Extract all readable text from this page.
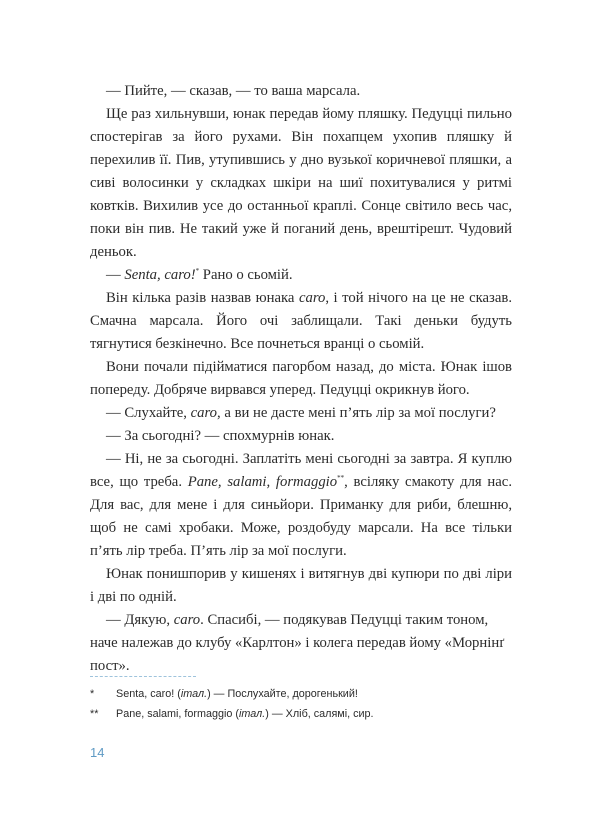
— Пийте, — сказав, — то ваша марсала.

Ще раз хильнувши, юнак передав йому пляшку. Педуцці пильно спостерігав за його рухами. Він похапцем ухопив пляшку й перехилив її. Пив, утупившись у дно вузької коричневої пляшки, а сиві волосинки у складках шкіри на шиї похитувалися у ритмі ковтків. Вихилив усе до останньої краплі. Сонце світило весь час, поки він пив. Не такий уже й поганий день, врештірешт. Чудовий деньок.

— Senta, caro!* Рано о сьомій.

Він кілька разів назвав юнака caro, і той нічого на це не сказав. Смачна марсала. Його очі заблищали. Такі деньки будуть тягнутися безкінечно. Все почнеться вранці о сьомій.

Вони почали підійматися пагорбом назад, до міста. Юнак ішов попереду. Добряче вирвався уперед. Педуцці окрикнув його.

— Слухайте, caro, а ви не дасте мені п’ять лір за мої послуги?

— За сьогодні? — спохмурнів юнак.

— Ні, не за сьогодні. Заплатіть мені сьогодні за завтра. Я куплю все, що треба. Pane, salami, formaggio**, всіляку смакоту для нас. Для вас, для мене і для синьйори. Приманку для риби, блешню, щоб не самі хробаки. Може, роздобуду марсали. На все тільки п’ять лір треба. П’ять лір за мої послуги.

Юнак понишпорив у кишенях і витягнув дві купюри по дві ліри і дві по одній.

— Дякую, caro. Спасибі, — подякував Педуцці таким тоном, наче належав до клубу «Карлтон» і колега передав йому «Морнінґ пост».

*	Senta, caro! (італ.) — Послухайте, дорогенький!
**	Pane, salami, formaggio (італ.) — Хліб, салямі, сир.
14
